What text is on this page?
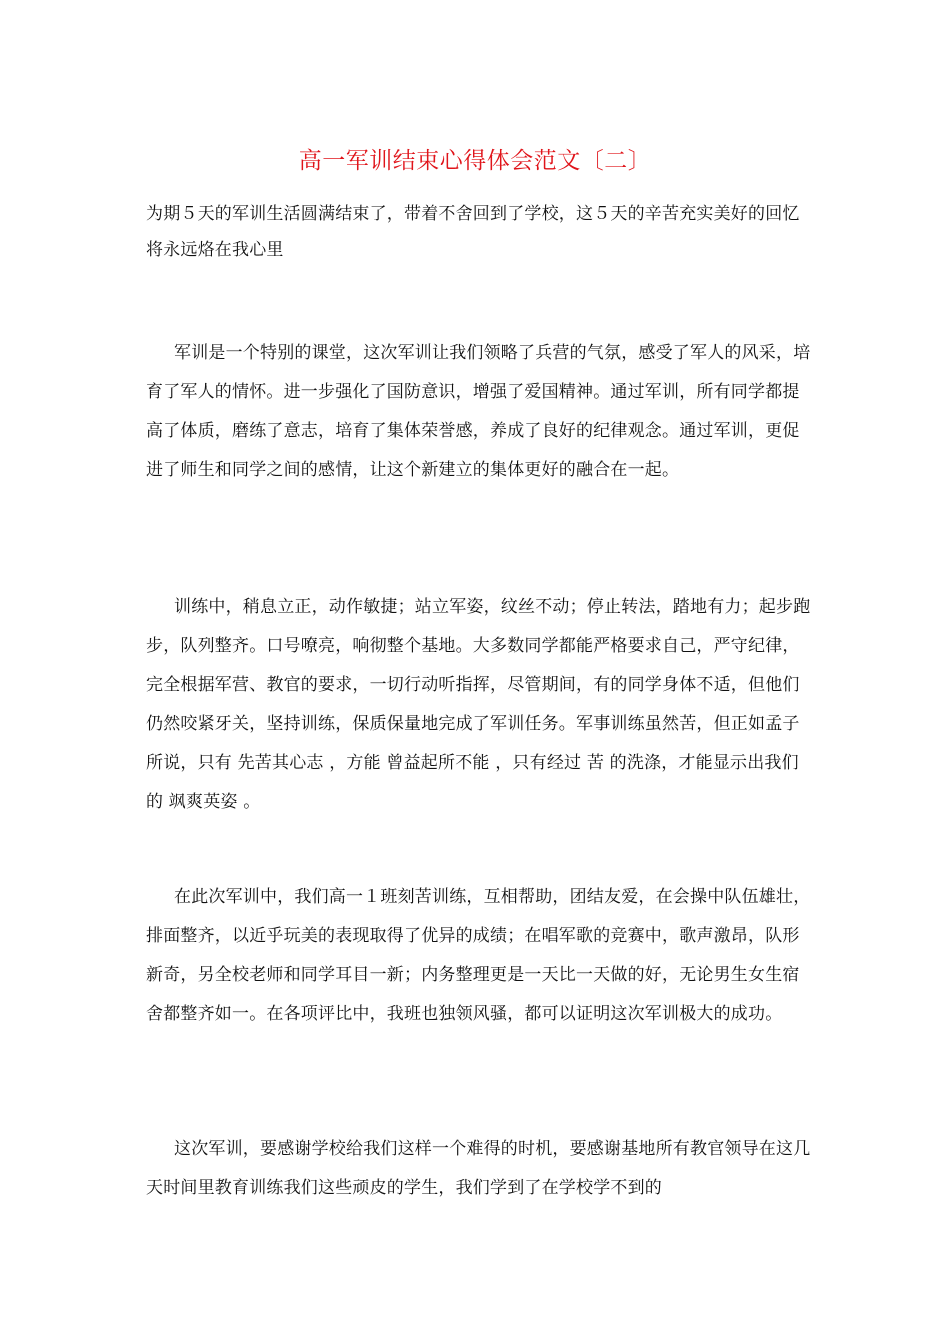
高一军训结束心得体会范文〔二〕

为期５天的军训生活圆满结束了，带着不舍回到了学校，这５天的辛苦充实美好的回忆将永远烙在我心里

军训是一个特别的课堂，这次军训让我们领略了兵营的气氛，感受了军人的风采，培育了军人的情怀。进一步强化了国防意识，增强了爱国精神。通过军训，所有同学都提高了体质，磨练了意志，培育了集体荣誉感，养成了良好的纪律观念。通过军训，更促进了师生和同学之间的感情，让这个新建立的集体更好的融合在一起。

训练中，稍息立正，动作敏捷；站立军姿，纹丝不动；停止转法，踏地有力；起步跑步，队列整齐。口号嘹亮，响彻整个基地。大多数同学都能严格要求自己，严守纪律，完全根据军营、教官的要求，一切行动听指挥，尽管期间，有的同学身体不适，但他们仍然咬紧牙关，坚持训练，保质保量地完成了军训任务。军事训练虽然苦，但正如孟子所说，只有 先苦其心志 ，方能 曾益起所不能 ，只有经过 苦 的洗涤，才能显示出我们的 飒爽英姿 。

在此次军训中，我们高一１班刻苦训练，互相帮助，团结友爱，在会操中队伍雄壮，排面整齐，以近乎玩美的表现取得了优异的成绩；在唱军歌的竞赛中，歌声激昂，队形新奇，另全校老师和同学耳目一新；内务整理更是一天比一天做的好，无论男生女生宿舍都整齐如一。在各项评比中，我班也独领风骚，都可以证明这次军训极大的成功。

这次军训，要感谢学校给我们这样一个难得的时机，要感谢基地所有教官领导在这几天时间里教育训练我们这些顽皮的学生，我们学到了在学校学不到的
